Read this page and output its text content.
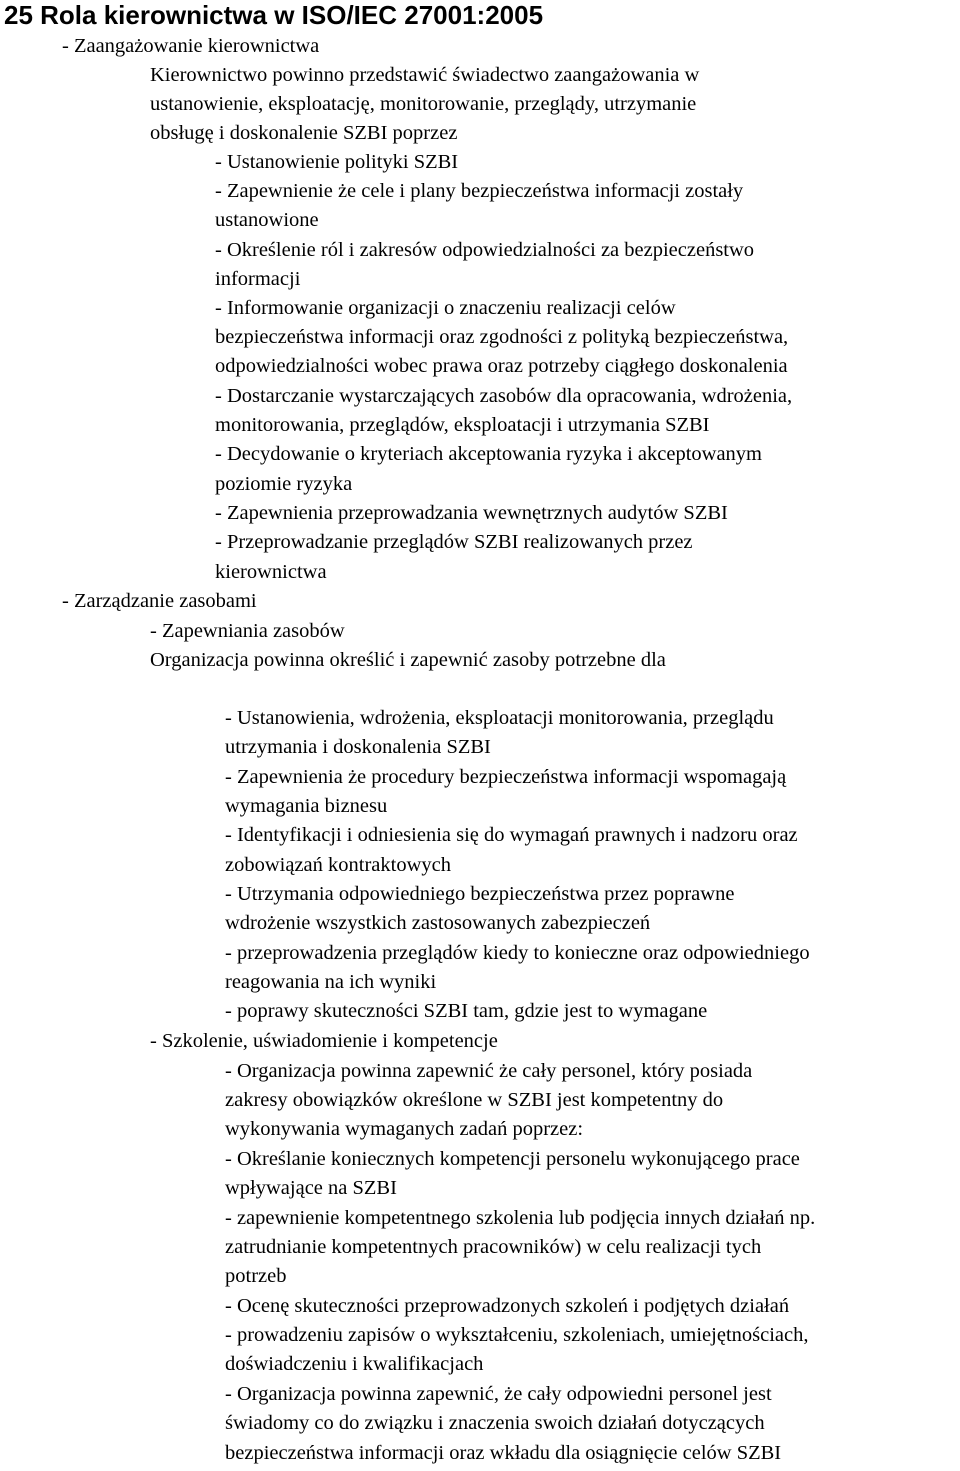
25 Rola kierownictwa w ISO/IEC 27001:2005
- Zaangażowanie kierownictwa
Kierownictwo powinno przedstawić świadectwo zaangażowania w
ustanowienie, eksploatację, monitorowanie, przeglądy, utrzymanie
obsługę i doskonalenie SZBI poprzez
- Ustanowienie polityki SZBI
- Zapewnienie że cele i plany bezpieczeństwa informacji zostały
ustanowione
- Określenie ról i zakresów odpowiedzialności za bezpieczeństwo
informacji
- Informowanie organizacji o znaczeniu realizacji celów
bezpieczeństwa informacji oraz zgodności z polityką bezpieczeństwa,
odpowiedzialności wobec prawa oraz potrzeby ciągłego doskonalenia
- Dostarczanie wystarczających zasobów dla opracowania, wdrożenia,
monitorowania, przeglądów, eksploatacji i utrzymania SZBI
- Decydowanie o kryteriach akceptowania ryzyka i akceptowanym
poziomie ryzyka
- Zapewnienia przeprowadzania wewnętrznych audytów SZBI
- Przeprowadzanie przeglądów SZBI realizowanych przez
kierownictwa
- Zarządzanie zasobami
- Zapewniania zasobów
Organizacja powinna określić i zapewnić zasoby potrzebne dla
- Ustanowienia, wdrożenia, eksploatacji monitorowania, przeglądu
utrzymania i doskonalenia SZBI
- Zapewnienia że procedury bezpieczeństwa informacji wspomagają
wymagania biznesu
- Identyfikacji i odniesienia się do wymagań prawnych i nadzoru oraz
zobowiązań kontraktowych
- Utrzymania odpowiedniego bezpieczeństwa przez poprawne
wdrożenie wszystkich zastosowanych zabezpieczeń
- przeprowadzenia przeglądów kiedy to konieczne oraz odpowiedniego
reagowania na ich wyniki
- poprawy skuteczności SZBI tam, gdzie jest to wymagane
- Szkolenie, uświadomienie i kompetencje
- Organizacja powinna zapewnić że cały personel, który posiada
zakresy obowiązków określone w SZBI jest kompetentny do
wykonywania wymaganych zadań poprzez:
- Określanie koniecznych kompetencji personelu wykonującego prace
wpływające na SZBI
- zapewnienie kompetentnego szkolenia lub podjęcia innych działań np.
zatrudnianie kompetentnych pracowników) w celu realizacji tych
potrzeb
- Ocenę skuteczności przeprowadzonych szkoleń i podjętych działań
- prowadzeniu zapisów o wykształceniu, szkoleniach, umiejętnościach,
doświadczeniu i kwalifikacjach
- Organizacja powinna zapewnić, że cały odpowiedni personel jest
świadomy co do związku i znaczenia swoich działań dotyczących
bezpieczeństwa informacji oraz wkładu dla osiągnięcie celów SZBI
